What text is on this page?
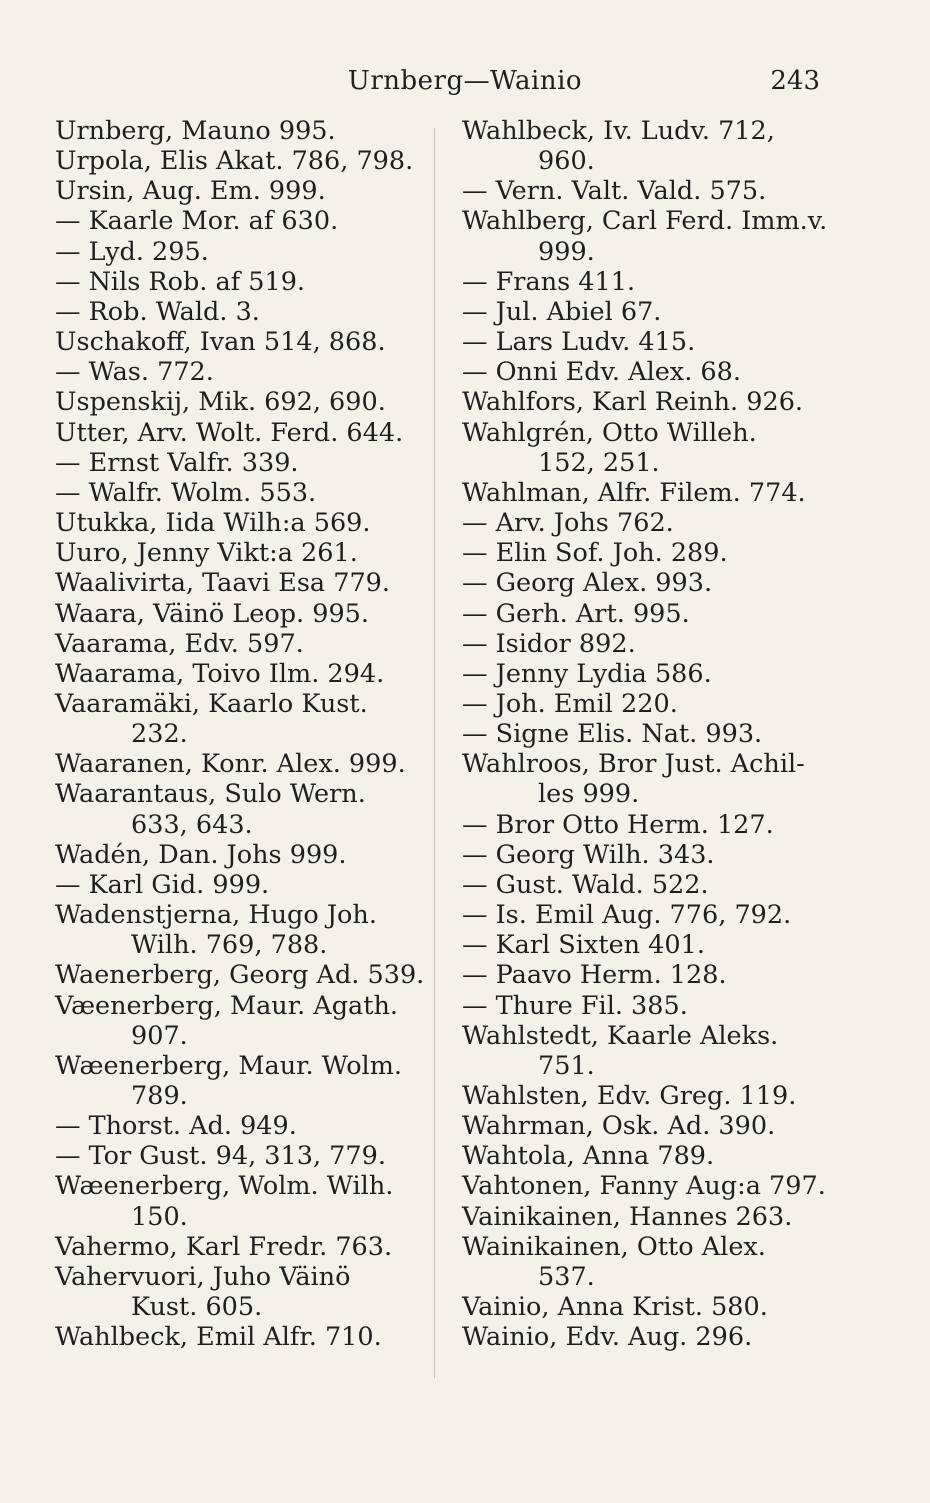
Urnberg—Wainio	243
Urnberg, Mauno 995.
Urpola, Elis Akat. 786, 798.
Ursin, Aug. Em. 999.
— Kaarle Mor. af 630.
— Lyd. 295.
— Nils Rob. af 519.
— Rob. Wald. 3.
Uschakoff, Ivan 514, 868.
— Was. 772.
Uspenskij, Mik. 692, 690.
Utter, Arv. Wolt. Ferd. 644.
— Ernst Valfr. 339.
— Walfr. Wolm. 553.
Utukka, Iida Wilh:a 569.
Uuro, Jenny Vikt:a 261.
Waalivirta, Taavi Esa 779.
Waara, Väinö Leop. 995.
Vaarama, Edv. 597.
Waarama, Toivo Ilm. 294.
Vaaramäki, Kaarlo Kust.
232.
Waaranen, Konr. Alex. 999.
Waarantaus, Sulo Wern.
633, 643.
Wadén, Dan. Johs 999.
— Karl Gid. 999.
Wadenstjerna, Hugo Joh.
Wilh. 769, 788.
Waenerberg, Georg Ad. 539.
Væenerberg, Maur. Agath.
907.
Wæenerberg, Maur. Wolm.
789.
— Thorst. Ad. 949.
— Tor Gust. 94, 313, 779.
Wæenerberg, Wolm. Wilh.
150.
Vahermo, Karl Fredr. 763.
Vahervuori, Juho Väinö
Kust. 605.
Wahlbeck, Emil Alfr. 710.
Wahlbeck, Iv. Ludv. 712,
960.
— Vern. Valt. Vald. 575.
Wahlberg, Carl Ferd. Imm.v.
999.
— Frans 411.
— Jul. Abiel 67.
— Lars Ludv. 415.
— Onni Edv. Alex. 68.
Wahlfors, Karl Reinh. 926.
Wahlgrén, Otto Willeh.
152, 251.
Wahlman, Alfr. Filem. 774.
— Arv. Johs 762.
— Elin Sof. Joh. 289.
— Georg Alex. 993.
— Gerh. Art. 995.
— Isidor 892.
— Jenny Lydia 586.
— Joh. Emil 220.
— Signe Elis. Nat. 993.
Wahlroos, Bror Just. Achil-
les 999.
— Bror Otto Herm. 127.
— Georg Wilh. 343.
— Gust. Wald. 522.
— Is. Emil Aug. 776, 792.
— Karl Sixten 401.
— Paavo Herm. 128.
— Thure Fil. 385.
Wahlstedt, Kaarle Aleks.
751.
Wahlsten, Edv. Greg. 119.
Wahrman, Osk. Ad. 390.
Wahtola, Anna 789.
Vahtonen, Fanny Aug:a 797.
Vainikainen, Hannes 263.
Wainikainen, Otto Alex.
537.
Vainio, Anna Krist. 580.
Wainio, Edv. Aug. 296.
